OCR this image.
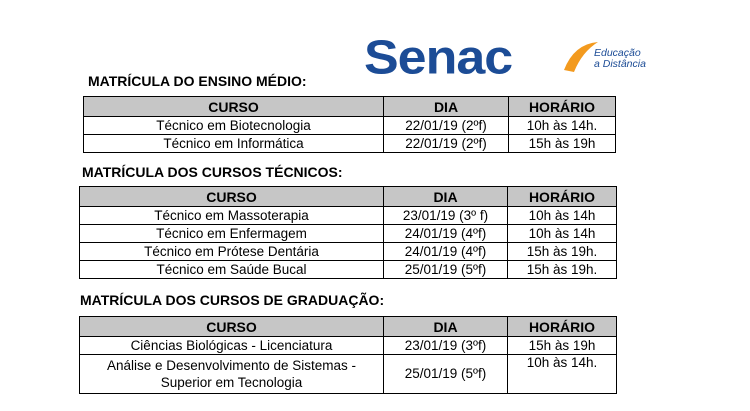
Senac	Educação
a Distância
MATRÍCULA DO ENSINO MÉDIO:
CURSO	DIA	HORÁRIO
Técnico em Biotecnologia	22/01/19 (2ºf)	10h às 14h.
Técnico em Informática	22/01/19 (2ºf)	15h às 19h
MATRÍCULA DOS CURSOS TÉCNICOS:
CURSO	DIA	HORÁRIO
Técnico em Massoterapia	23/01/19 (3º f)	10h às 14h
Técnico em Enfermagem	24/01/19 (4ºf)	10h às 14h
Técnico em Prótese Dentária	24/01/19 (4ºf)	15h às 19h.
Técnico em Saúde Bucal	25/01/19 (5ºf)	15h às 19h.
MATRÍCULA DOS CURSOS DE GRADUAÇÃO:
CURSO	DIA	HORÁRIO
Ciências Biológicas - Licenciatura	23/01/19 (3ºf)	15h às 19h
Análise e Desenvolvimento de Sistemas - Superior em Tecnologia	25/01/19 (5ºf)	10h às 14h.
